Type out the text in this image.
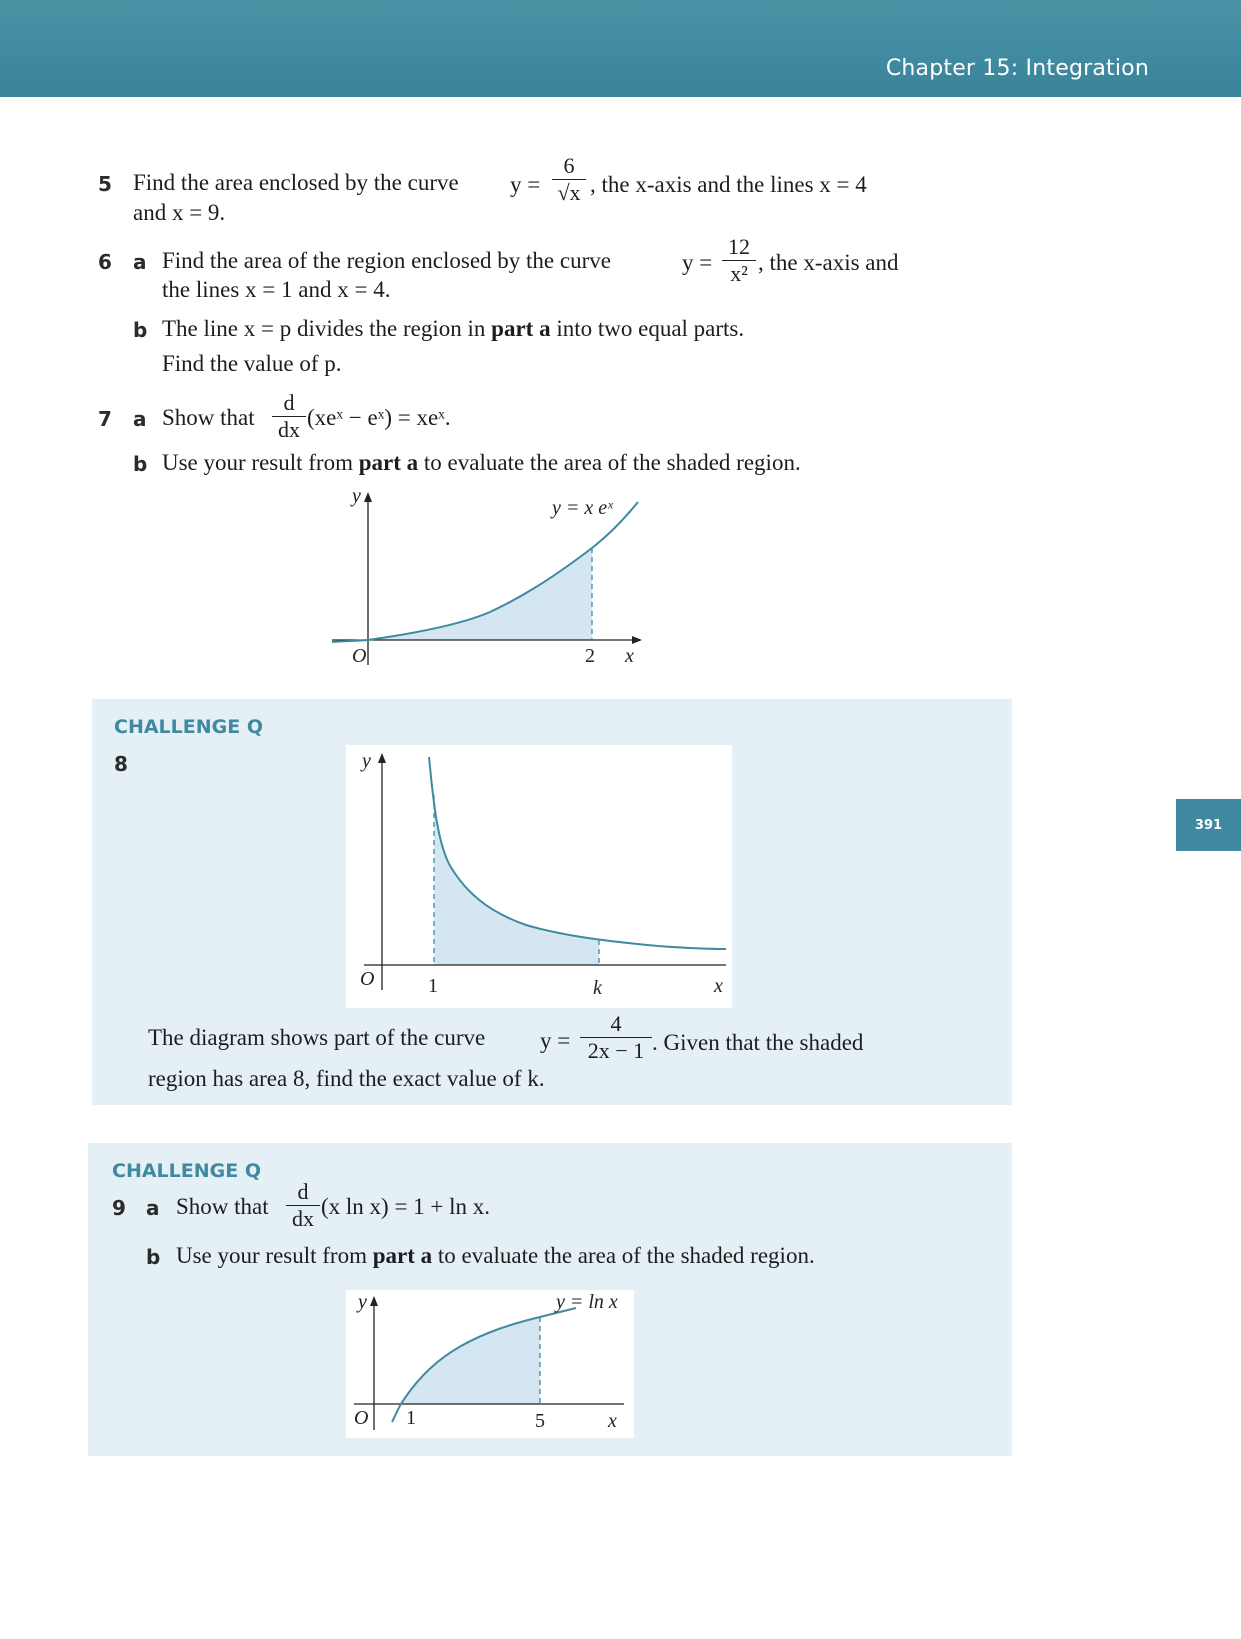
Chapter 15: Integration
391
5 Find the area enclosed by the curve y =
6
√x , the x-axis and the lines x = 4
and x = 9.
6 a Find the area of the region enclosed by the curve	y =
12
x² , the x-axis and
the lines x = 1 and x = 4.
b The line x = p divides the region in part a into two equal parts.
Find the value of p.
7 a Show that
d
dx (xeˣ − eˣ) = xeˣ.
b Use your result from part a to evaluate the area of the shaded region.
y
y = x eˣ
O	2 x
CHALLENGE Q
8	y
O	1	k	x
The diagram shows part of the curve y =
4
2x − 1 . Given that the shaded
region has area 8, find the exact value of k.
CHALLENGE Q
9 a Show that
d
dx (x ln x) = 1 + ln x.
b Use your result from part a to evaluate the area of the shaded region.
y	y = ln x
O 1	5	x
